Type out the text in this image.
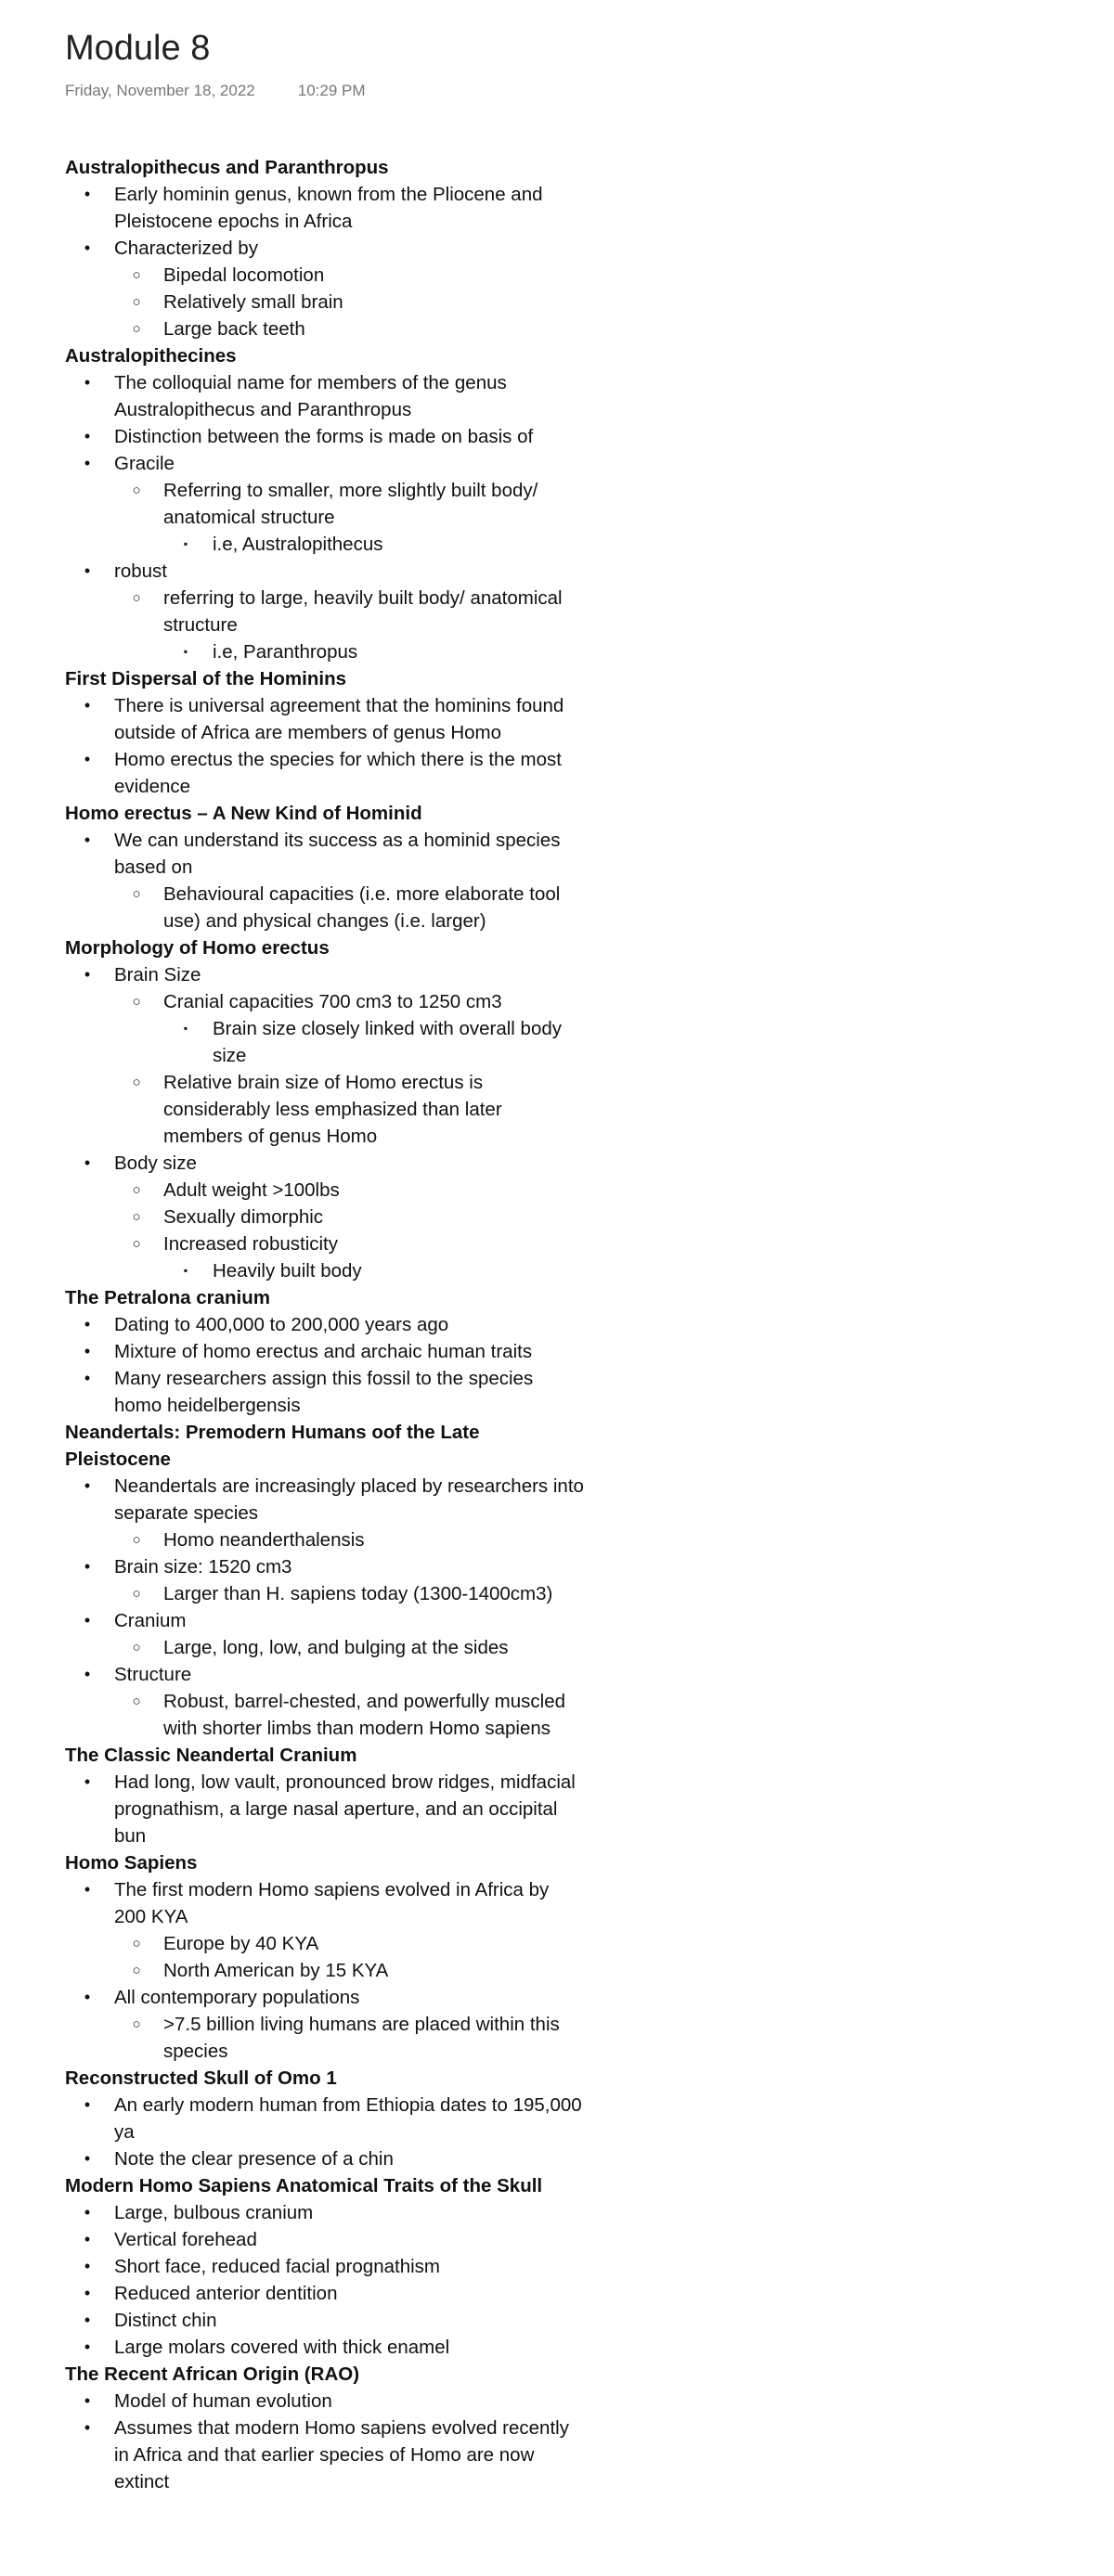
Module 8
Friday, November 18, 2022	10:29 PM
Australopithecus and Paranthropus
•	Early hominin genus, known from the Pliocene and Pleistocene epochs in Africa
•	Characterized by
○ Bipedal locomotion
○ Relatively small brain
○ Large back teeth
Australopithecines
•	The colloquial name for members of the genus Australopithecus and Paranthropus
•	Distinction between the forms is made on basis of
•	Gracile
○ Referring to smaller, more slightly built body/ anatomical structure
▪	i.e, Australopithecus
•	robust
○ referring to large, heavily built body/ anatomical structure
▪	i.e, Paranthropus
First Dispersal of the Hominins
•	There is universal agreement that the hominins found outside of Africa are members of genus Homo
•	Homo erectus the species for which there is the most evidence
Homo erectus – A New Kind of Hominid
•	We can understand its success as a hominid species based on
○ Behavioural capacities (i.e. more elaborate tool use) and physical changes (i.e. larger)
Morphology of Homo erectus
•	Brain Size
○ Cranial capacities 700 cm3 to 1250 cm3
▪	Brain size closely linked with overall body size
○ Relative brain size of Homo erectus is considerably less emphasized than later members of genus Homo
•	Body size
○ Adult weight >100lbs
○ Sexually dimorphic
○ Increased robusticity
▪	Heavily built body
The Petralona cranium
•	Dating to 400,000 to 200,000 years ago
•	Mixture of homo erectus and archaic human traits
•	Many researchers assign this fossil to the species homo heidelbergensis
Neandertals: Premodern Humans oof the Late Pleistocene
•	Neandertals are increasingly placed by researchers into separate species
○ Homo neanderthalensis
•	Brain size: 1520 cm3
○ Larger than H. sapiens today (1300-1400cm3)
•	Cranium
○ Large, long, low, and bulging at the sides
•	Structure
○ Robust, barrel-chested, and powerfully muscled with shorter limbs than modern Homo sapiens
The Classic Neandertal Cranium
•	Had long, low vault, pronounced brow ridges, midfacial prognathism, a large nasal aperture, and an occipital bun
Homo Sapiens
•	The first modern Homo sapiens evolved in Africa by 200 KYA
○ Europe by 40 KYA
○ North American by 15 KYA
•	All contemporary populations
○ >7.5 billion living humans are placed within this species
Reconstructed Skull of Omo 1
•	An early modern human from Ethiopia dates to 195,000 ya
•	Note the clear presence of a chin
Modern Homo Sapiens Anatomical Traits of the Skull
•	Large, bulbous cranium
•	Vertical forehead
•	Short face, reduced facial prognathism
•	Reduced anterior dentition
•	Distinct chin
•	Large molars covered with thick enamel
The Recent African Origin (RAO)
•	Model of human evolution
•	Assumes that modern Homo sapiens evolved recently in Africa and that earlier species of Homo are now extinct
